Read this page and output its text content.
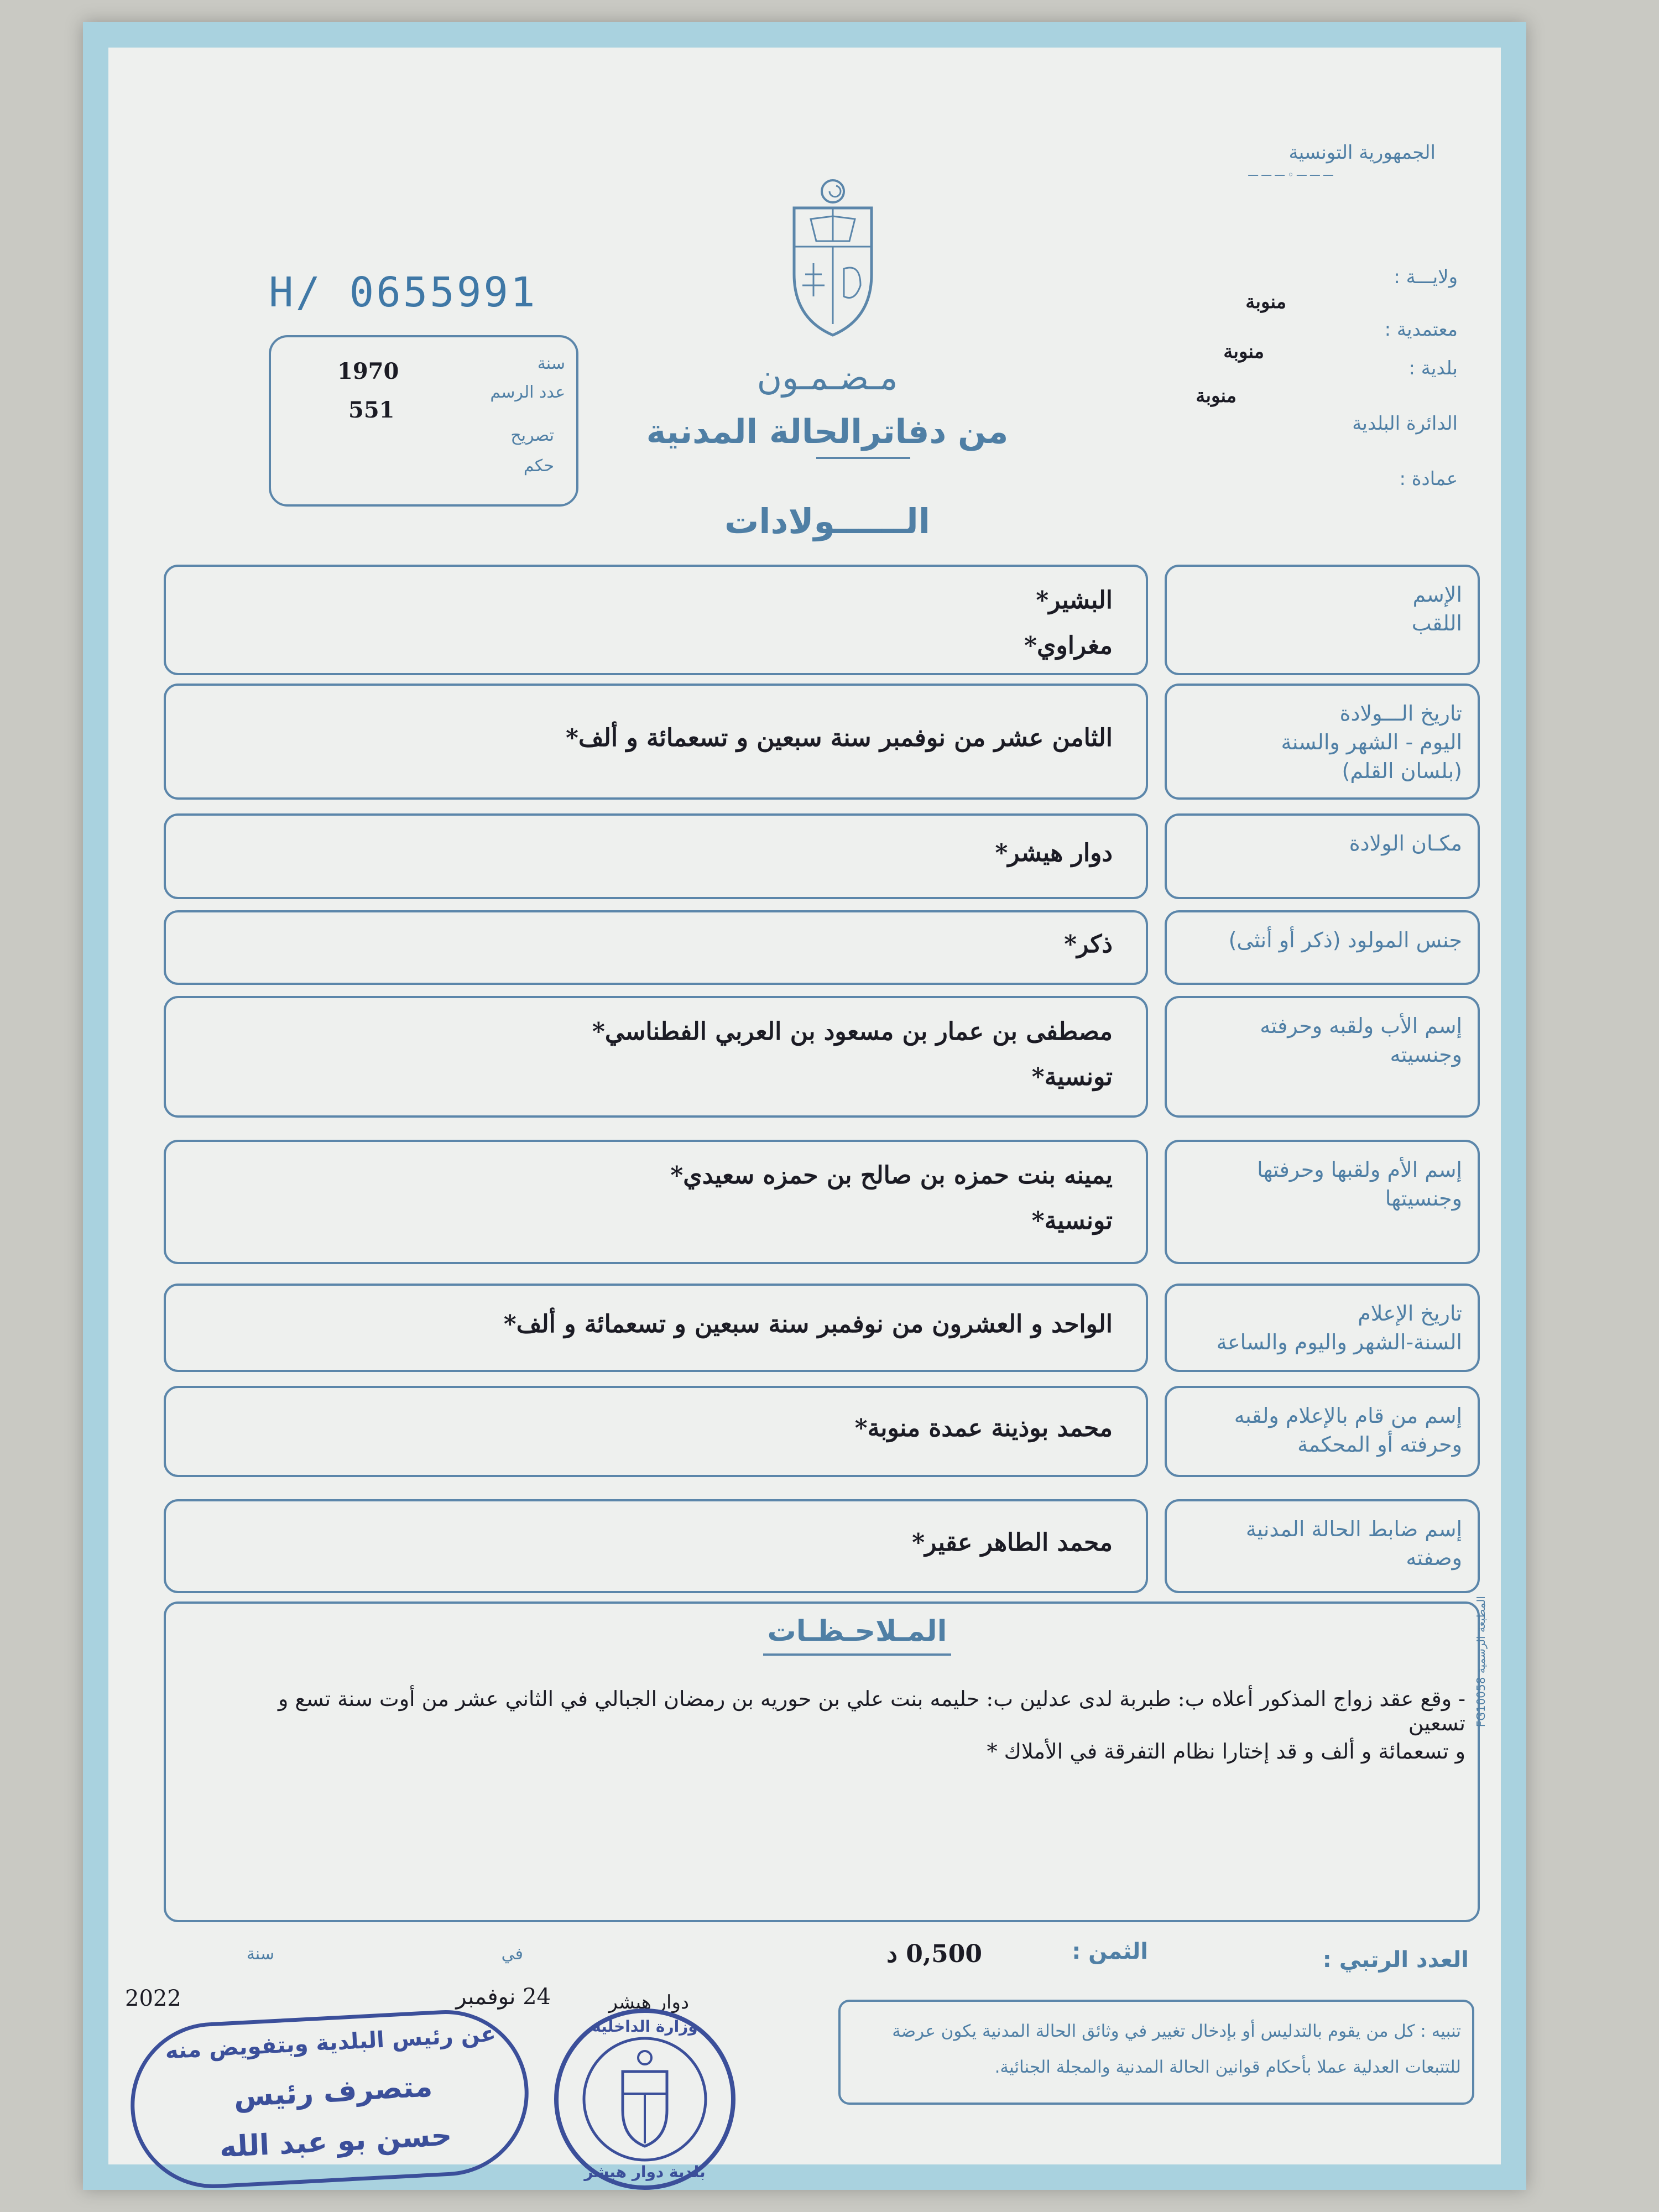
الجمهورية التونسية
———◦———
H/ 0655991
سنة
1970
عدد الرسم
551
تصريح
حكم
ولايـــة :
منوبة
معتمدية :
منوبة
بلدية :
منوبة
الدائرة البلدية
عمادة :
مـضـمـون
من دفاترالحالة المدنية
الــــــولادات
الإسم
اللقب
البشير*
مغراوي*
تاريخ الـــولادة
اليوم - الشهر والسنة
(بلسان القلم)
الثامن عشر من نوفمبر سنة سبعين و تسعمائة و ألف*
مكـان الولادة
دوار هيشر*
جنس المولود (ذكر أو أنثى)
ذكر*
إسم الأب ولقبه وحرفته
وجنسيته
مصطفى بن عمار بن مسعود بن العربي الفطناسي*
تونسية*
إسم الأم ولقبها وحرفتها
وجنسيتها
يمينه بنت حمزه بن صالح بن حمزه سعيدي*
تونسية*
تاريخ الإعلام
السنة-الشهر واليوم والساعة
الواحد و العشرون من نوفمبر سنة سبعين و تسعمائة و ألف*
إسم من قام بالإعلام ولقبه
وحرفته أو المحكمة
محمد بوذينة عمدة منوبة*
إسم ضابط الحالة المدنية
وصفته
محمد الطاهر عقير*
المـلاحـظـات
- وقع عقد زواج المذكور أعلاه ب: طبربة لدى عدلين ب: حليمه بنت علي بن حوريه بن رمضان الجبالي في الثاني عشر من أوت سنة تسع و تسعين
و تسعمائة و ألف و قد إختارا نظام التفرقة في الأملاك *
المطبعة الرسمية FG10058
العدد الرتبي :
الثمن :
0,500 د
في
سنة
دوار هيشر
24 نوفمبر
2022
تنبيه : كل من يقوم بالتدليس أو بإدخال تغيير في وثائق الحالة المدنية يكون عرضة
للتتبعات العدلية عملا بأحكام قوانين الحالة المدنية والمجلة الجنائية.
وزارة الداخلية
بلدية دوار هيشر
عن رئيس البلدية وبتفويض منه
متصرف رئيس
حسن بو عبد الله
